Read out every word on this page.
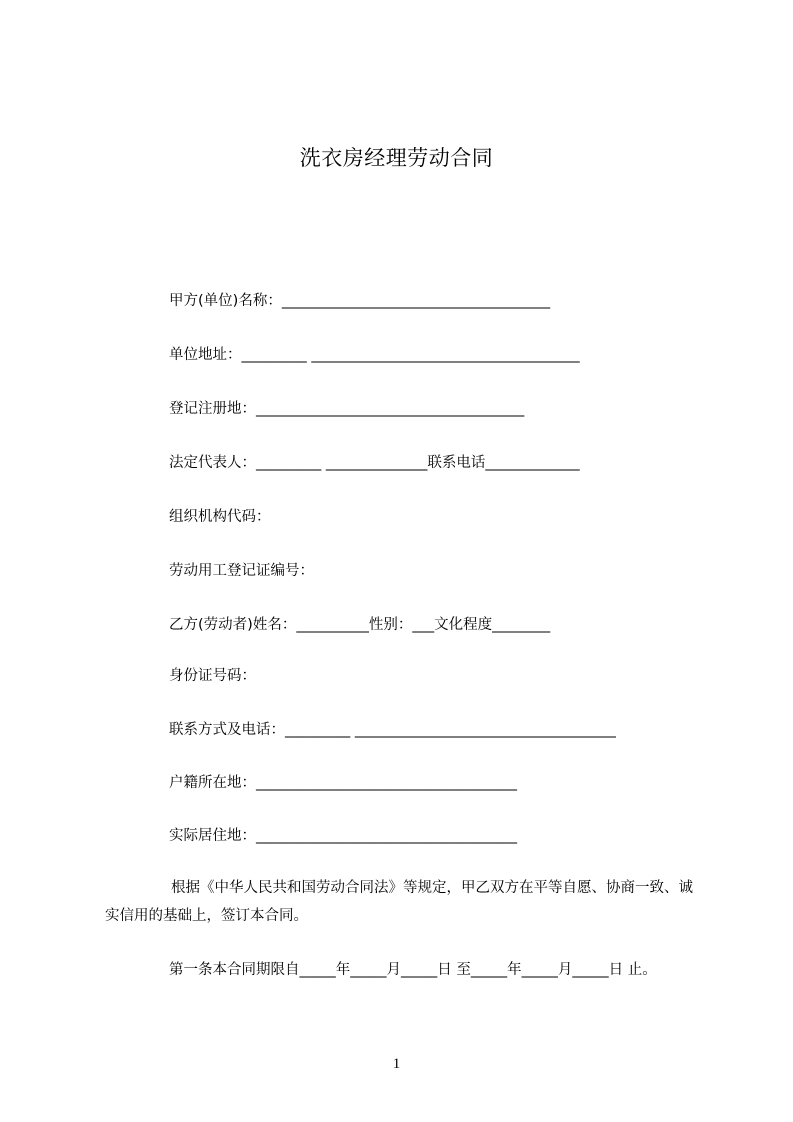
洗衣房经理劳动合同
甲方(单位)名称：_____________________________________
单位地址：_________ _____________________________________
登记注册地：_____________________________________
法定代表人：_________ ______________联系电话_____________
组织机构代码：
劳动用工登记证编号：
乙方(劳动者)姓名：__________性别：___文化程度________
身份证号码：
联系方式及电话：_________ ____________________________________
户籍所在地：____________________________________
实际居住地：____________________________________
根据《中华人民共和国劳动合同法》等规定，甲乙双方在平等自愿、协商一致、诚实信用的基础上，签订本合同。
第一条本合同期限自_____年_____月_____日 至_____年_____月_____日 止。
1
